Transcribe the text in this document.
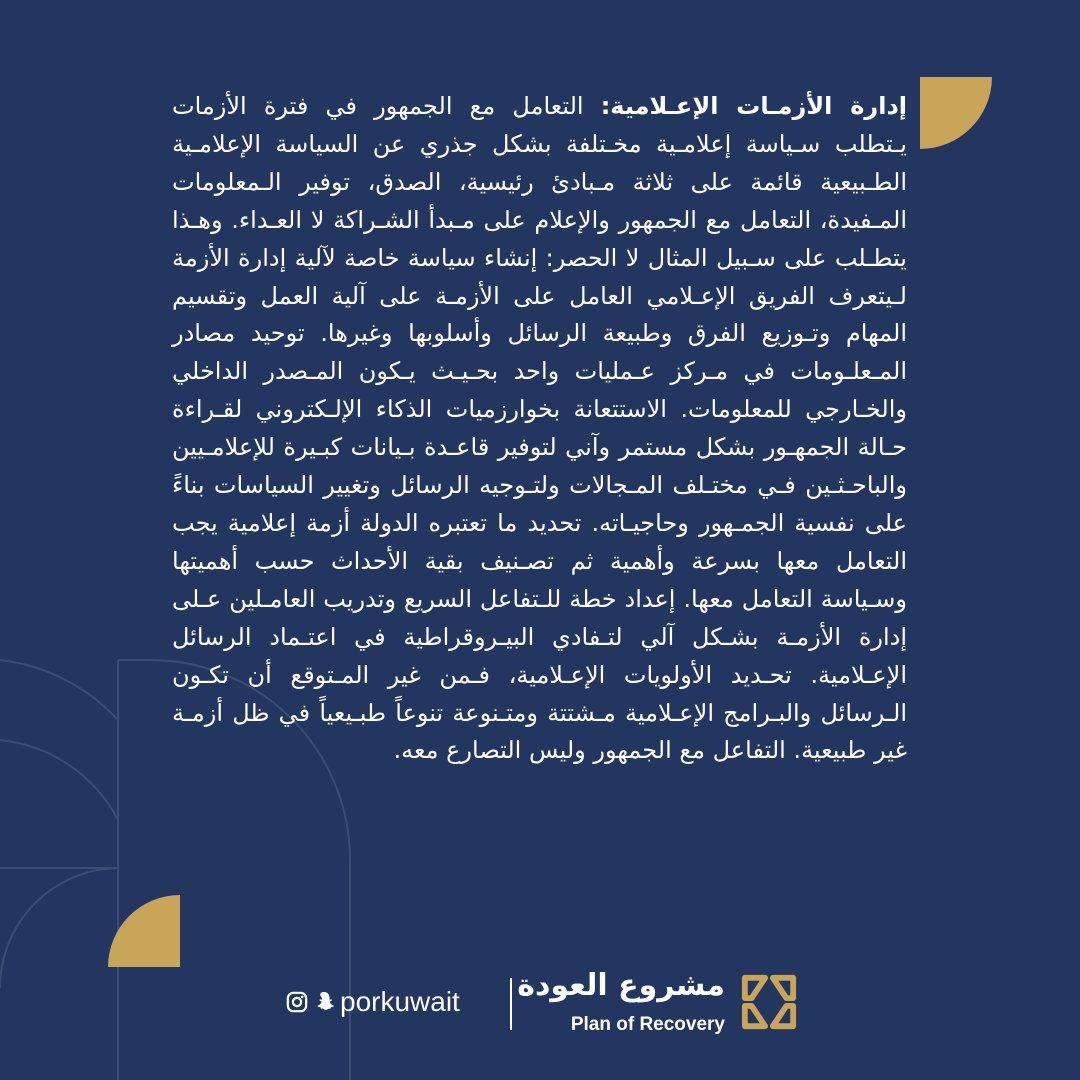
إدارة الأزمـات الإعـلامية: التعامل مع الجمهور في فترة الأزمات يـتطلب سـياسة إعلامـية مخـتلفة بشكل جذري عن السياسة الإعلامـية الطـبيعية قائمة على ثلاثة مـبادئ رئيسية، الصدق، توفير الـمعلومات المـفيدة، التعامل مع الجمهور والإعلام على مـبدأ الشـراكة لا العـداء. وهـذا يتطـلب على سـبيل المثال لا الحصر: إنشاء سياسة خاصة لآلية إدارة الأزمة لـيتعرف الفريق الإعـلامي العامل على الأزمـة على آلية العمل وتقسيم المهام وتـوزيع الفرق وطبيعة الرسائل وأسلوبها وغيرها. توحيد مصادر المـعلـومات في مـركز عـمليات واحد بحـيـث يـكون المـصدر الداخلي والخـارجي للمعلومات. الاستتعانة بخوارزميات الذكاء الإلـكتروني لقـراءة حـالة الجمهـور بشكل مستمر وآني لتوفير قاعـدة بـيانات كبـيرة للإعلامـيين والباحـثـين فـي مختـلف المـجالات ولتـوجيه الرسائل وتغيير السياسات بناءً على نفسية الجمـهور وحاجيـاته. تحديد ما تعتبره الدولة أزمة إعلامية يجب التعامل معها بسرعة وأهمية ثم تصـنيف بقية الأحداث حسب أهميتها وسـياسة التعامل معها. إعداد خطة للـتفاعل السريع وتدريب العامـلين عـلى إدارة الأزمـة بشـكل آلي لتـفادي البيـروقراطية في اعتـماد الرسائل الإعـلامية. تحـديد الأولويات الإعـلامية، فـمن غير المـتوقع أن تكـون الـرسائل والبـرامج الإعـلامية مـشتتة ومتـنوعة تنوعاً طبـيعياً في ظل أزمـة غير طبيعية. التفاعل مع الجمهور وليس التصارع معه.
مشروع العودة
Plan of Recovery
porkuwait
